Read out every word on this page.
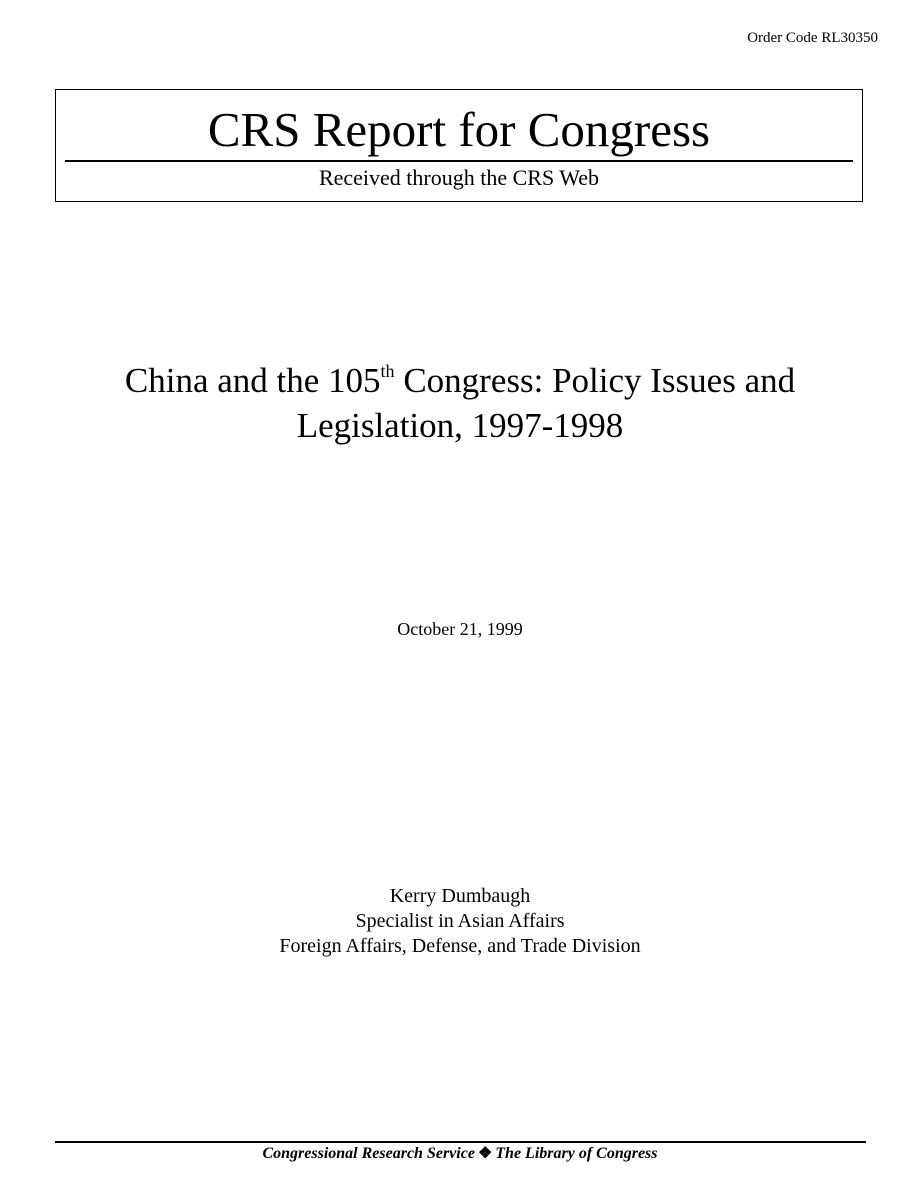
Order Code RL30350
CRS Report for Congress
Received through the CRS Web
China and the 105th Congress: Policy Issues and
Legislation, 1997-1998
October 21, 1999
Kerry Dumbaugh
Specialist in Asian Affairs
Foreign Affairs, Defense, and Trade Division
Congressional Research Service ❖ The Library of Congress
